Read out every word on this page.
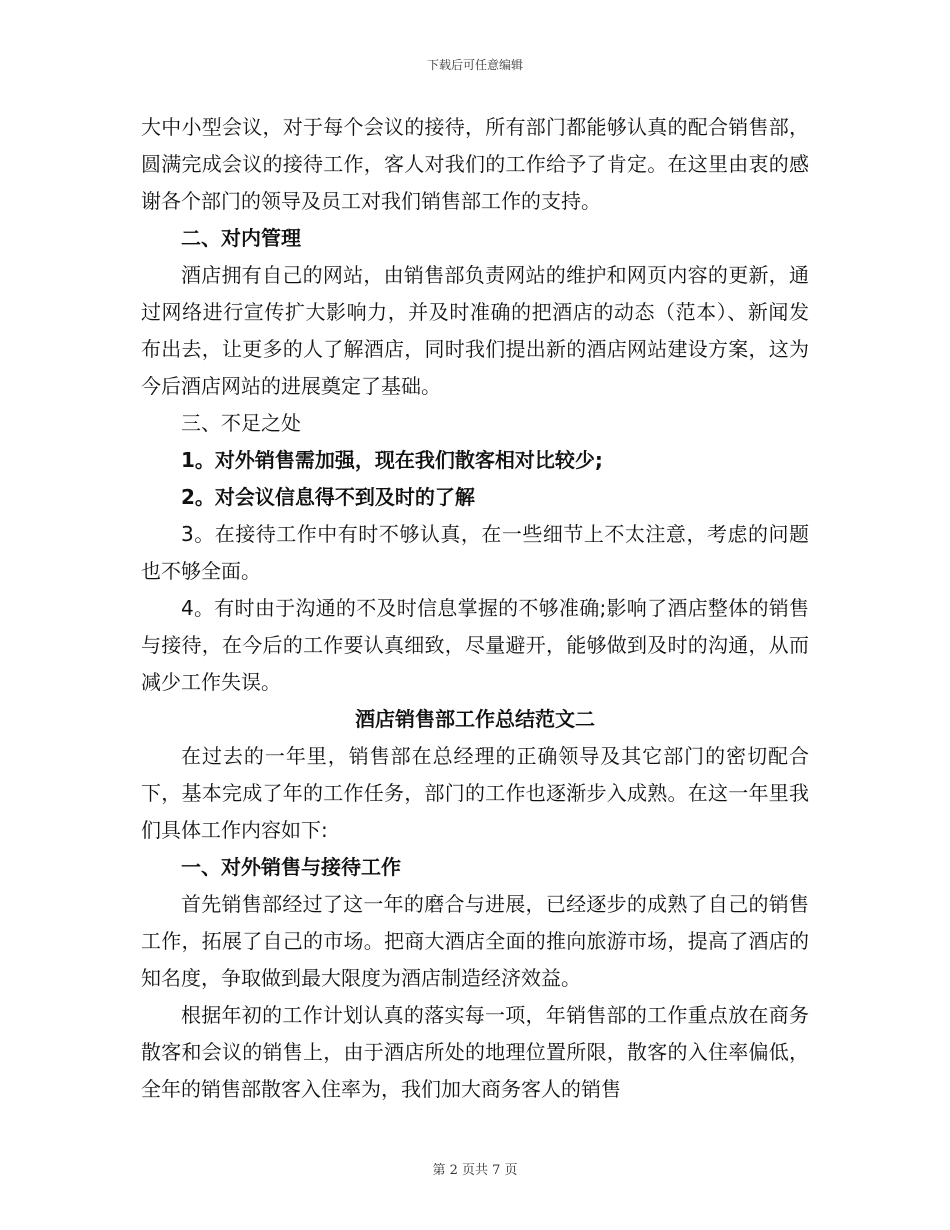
下载后可任意编辑

大中小型会议，对于每个会议的接待，所有部门都能够认真的配合销售部，圆满完成会议的接待工作，客人对我们的工作给予了肯定。在这里由衷的感谢各个部门的领导及员工对我们销售部工作的支持。

二、对内管理

酒店拥有自己的网站，由销售部负责网站的维护和网页内容的更新，通过网络进行宣传扩大影响力，并及时准确的把酒店的动态（范本）、新闻发布出去，让更多的人了解酒店，同时我们提出新的酒店网站建设方案，这为今后酒店网站的进展奠定了基础。

三、不足之处

1。对外销售需加强，现在我们散客相对比较少;

2。对会议信息得不到及时的了解

3。在接待工作中有时不够认真，在一些细节上不太注意，考虑的问题也不够全面。

4。有时由于沟通的不及时信息掌握的不够准确;影响了酒店整体的销售与接待，在今后的工作要认真细致，尽量避开，能够做到及时的沟通，从而减少工作失误。

酒店销售部工作总结范文二

在过去的一年里，销售部在总经理的正确领导及其它部门的密切配合下，基本完成了年的工作任务，部门的工作也逐渐步入成熟。在这一年里我们具体工作内容如下:

一、对外销售与接待工作

首先销售部经过了这一年的磨合与进展，已经逐步的成熟了自己的销售工作，拓展了自己的市场。把商大酒店全面的推向旅游市场，提高了酒店的知名度，争取做到最大限度为酒店制造经济效益。

根据年初的工作计划认真的落实每一项，年销售部的工作重点放在商务散客和会议的销售上，由于酒店所处的地理位置所限，散客的入住率偏低，全年的销售部散客入住率为，我们加大商务客人的销售

第 2 页共 7 页
